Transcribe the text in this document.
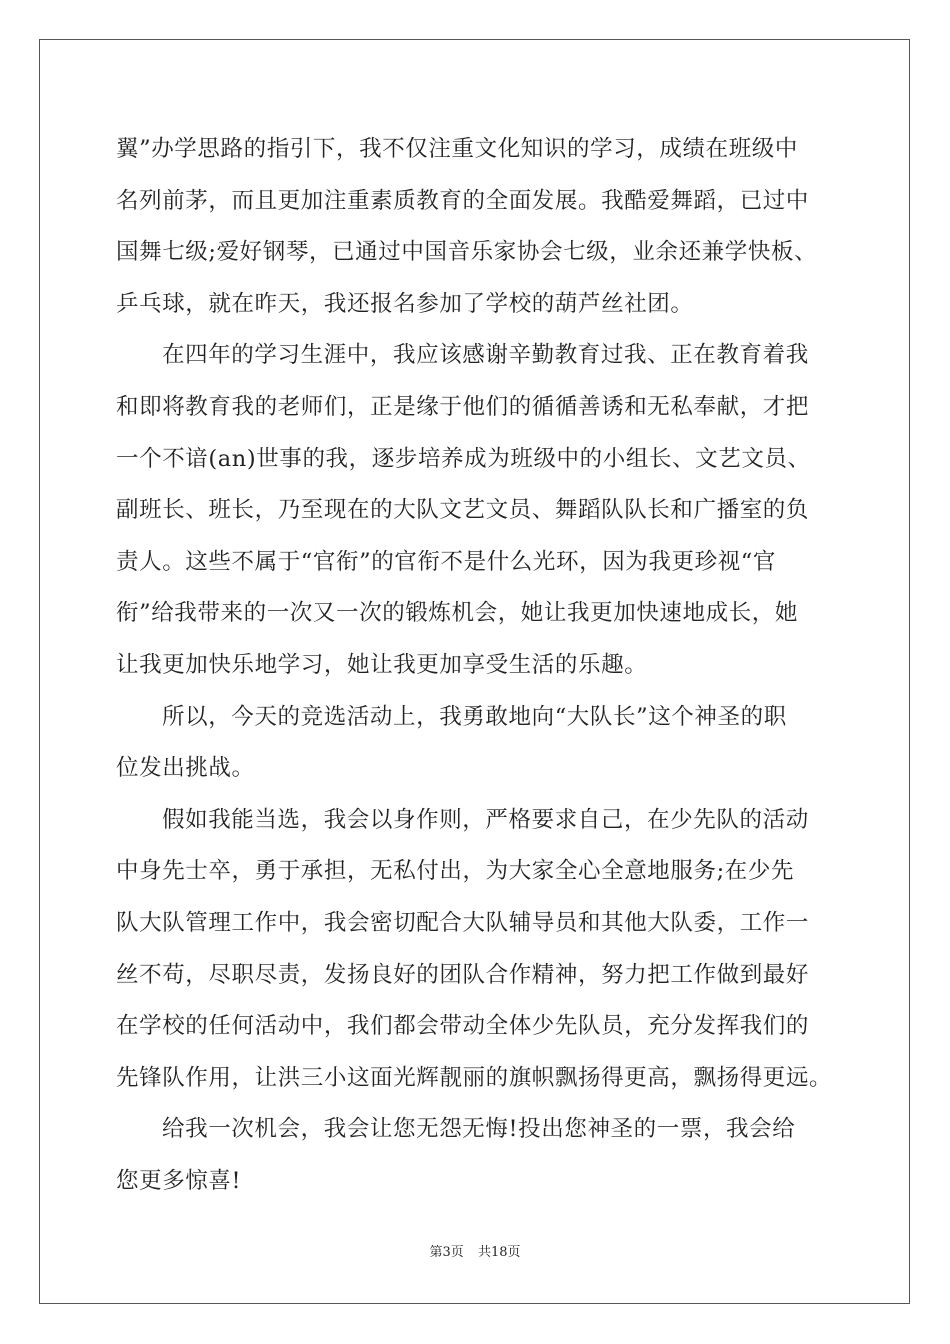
翼”办学思路的指引下，我不仅注重文化知识的学习，成绩在班级中
名列前茅，而且更加注重素质教育的全面发展。我酷爱舞蹈，已过中
国舞七级;爱好钢琴，已通过中国音乐家协会七级，业余还兼学快板、
乒乓球，就在昨天，我还报名参加了学校的葫芦丝社团。

在四年的学习生涯中，我应该感谢辛勤教育过我、正在教育着我
和即将教育我的老师们，正是缘于他们的循循善诱和无私奉献，才把
一个不谙(an)世事的我，逐步培养成为班级中的小组长、文艺文员、
副班长、班长，乃至现在的大队文艺文员、舞蹈队队长和广播室的负
责人。这些不属于“官衔”的官衔不是什么光环，因为我更珍视“官
衔”给我带来的一次又一次的锻炼机会，她让我更加快速地成长，她
让我更加快乐地学习，她让我更加享受生活的乐趣。

所以，今天的竞选活动上，我勇敢地向“大队长”这个神圣的职
位发出挑战。

假如我能当选，我会以身作则，严格要求自己，在少先队的活动
中身先士卒，勇于承担，无私付出，为大家全心全意地服务;在少先
队大队管理工作中，我会密切配合大队辅导员和其他大队委，工作一
丝不苟，尽职尽责，发扬良好的团队合作精神，努力把工作做到最好
在学校的任何活动中，我们都会带动全体少先队员，充分发挥我们的
先锋队作用，让洪三小这面光辉靓丽的旗帜飘扬得更高，飘扬得更远。

给我一次机会，我会让您无怨无悔!投出您神圣的一票，我会给
您更多惊喜!

第3页 共18页
